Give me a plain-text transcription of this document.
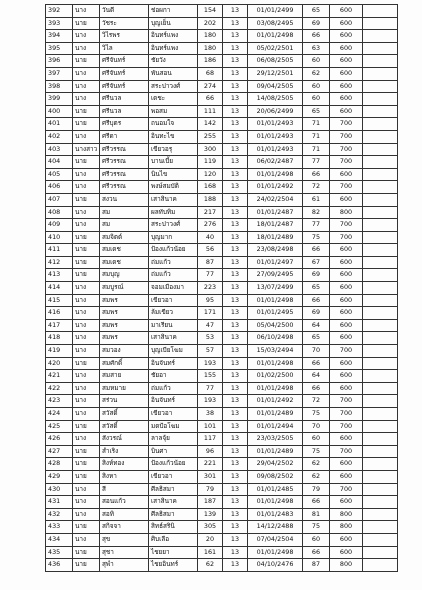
392	นาง	วันดี	ช่อผกา	154	13	01/01/2499	65	600	
393	นาย	วัชระ	บุญเย็น	202	13	03/08/2495	69	600	
394	นาง	วิไรพร	อินทร์แพง	180	13	01/01/2498	66	600	
395	นาง	วิไล	อินทร์แพง	180	13	05/02/2501	63	600	
396	นาย	ศรีจันทร์	ชัยวัง	186	13	06/08/2505	60	600	
397	นาง	ศรีจันทร์	พันสอน	68	13	29/12/2501	62	600	
398	นาง	ศรีจันทร์	สระปาวงศ์	274	13	09/04/2505	60	600	
399	นาง	ศรีนวล	เดชะ	66	13	14/08/2505	60	600	
400	นาย	ศรีนวล	พอสม	111	13	20/06/2499	65	600	
401	นาย	ศรีบุตร	ถนอมใจ	142	13	01/01/2493	71	700	
402	นาง	ศรีดา	อินทะไข	255	13	01/01/2493	71	700	
403	นางสาว	ศรีวรรณ	เขียวอรุ	300	13	01/01/2493	71	700	
404	นาย	ศรีวรรณ	บานเบี้ย	119	13	06/02/2487	77	700	
405	นาง	ศรีวรรณ	นินไข	120	13	01/01/2498	66	600	
406	นาง	ศรีวรรณ	พงษ์สมบัติ	168	13	01/01/2492	72	700	
407	นาย	สงวน	เสาสินาค	188	13	24/02/2504	61	600	
408	นาง	สม	ผลทับทิม	217	13	01/01/2487	82	800	
409	นาง	สม	สระปาวงศ์	276	13	18/01/2487	77	700	
410	นาย	สมจิตต์	บุญมาก	40	13	18/01/2489	75	700	
411	นาย	สมเดช	ป้องแก้วน้อย	56	13	23/08/2498	66	600	
412	นาย	สมเดช	ถ่มแก้ว	87	13	01/01/2497	67	600	
413	นาย	สมบุญ	ถ่มแก้ว	77	13	27/09/2495	69	600	
414	นาง	สมบูรณ์	จอมเมืองมา	223	13	13/07/2499	65	600	
415	นาง	สมพร	เขียวอา	95	13	01/01/2498	66	600	
416	นาง	สมพร	ล้มเขียว	171	13	01/01/2495	69	600	
417	นาง	สมพร	มาเรียน	47	13	05/04/2500	64	600	
418	นาง	สมพร	เสาสินาค	53	13	06/10/2498	65	600	
419	นาง	สมวอง	บุญเบียโฆม	57	13	15/03/2494	70	700	
420	นาย	สมศักดิ์	อินจันทร์	193	13	01/01/2498	66	600	
421	นาง	สมสาย	ชัยอา	155	13	01/02/2500	64	600	
422	นาง	สมหมาย	ถ่มแก้ว	77	13	01/01/2498	66	600	
423	นาง	สร่วน	อินจันทร์	193	13	01/01/2492	72	700	
424	นาง	สวัสดิ์	เขียวอา	38	13	01/01/2489	75	700	
425	นาย	สวัสดิ์	มดป้อโฆม	101	13	01/01/2494	70	700	
426	นาง	สังวรณ์	ลาลจุ้ย	117	13	23/03/2505	60	600	
427	นาย	สำเริง	บินศา	96	13	01/01/2489	75	700	
428	นาย	สิงห์ทอง	ป้องแก้วน้อย	221	13	29/04/2502	62	600	
429	นาย	สิงหา	เขียวอา	301	13	09/08/2502	62	600	
430	นาง	สี	ศีลธิสมา	79	13	01/01/2485	79	700	
431	นาง	สอนแก้ว	เสาสินาค	187	13	01/01/2498	66	600	
432	นาง	สอทิ	ศีลธิสมา	139	13	01/01/2483	81	800	
433	นาย	สกิจจา	สิทธ์สรินิ	305	13	14/12/2488	75	800	
434	นาง	สุข	ศิบเลือ	20	13	07/04/2504	60	600	
435	นาย	สุชา	ไชยยา	161	13	01/01/2498	66	600	
436	นาย	สุพำ	ไชยอินทร์	62	13	04/10/2476	87	800	
